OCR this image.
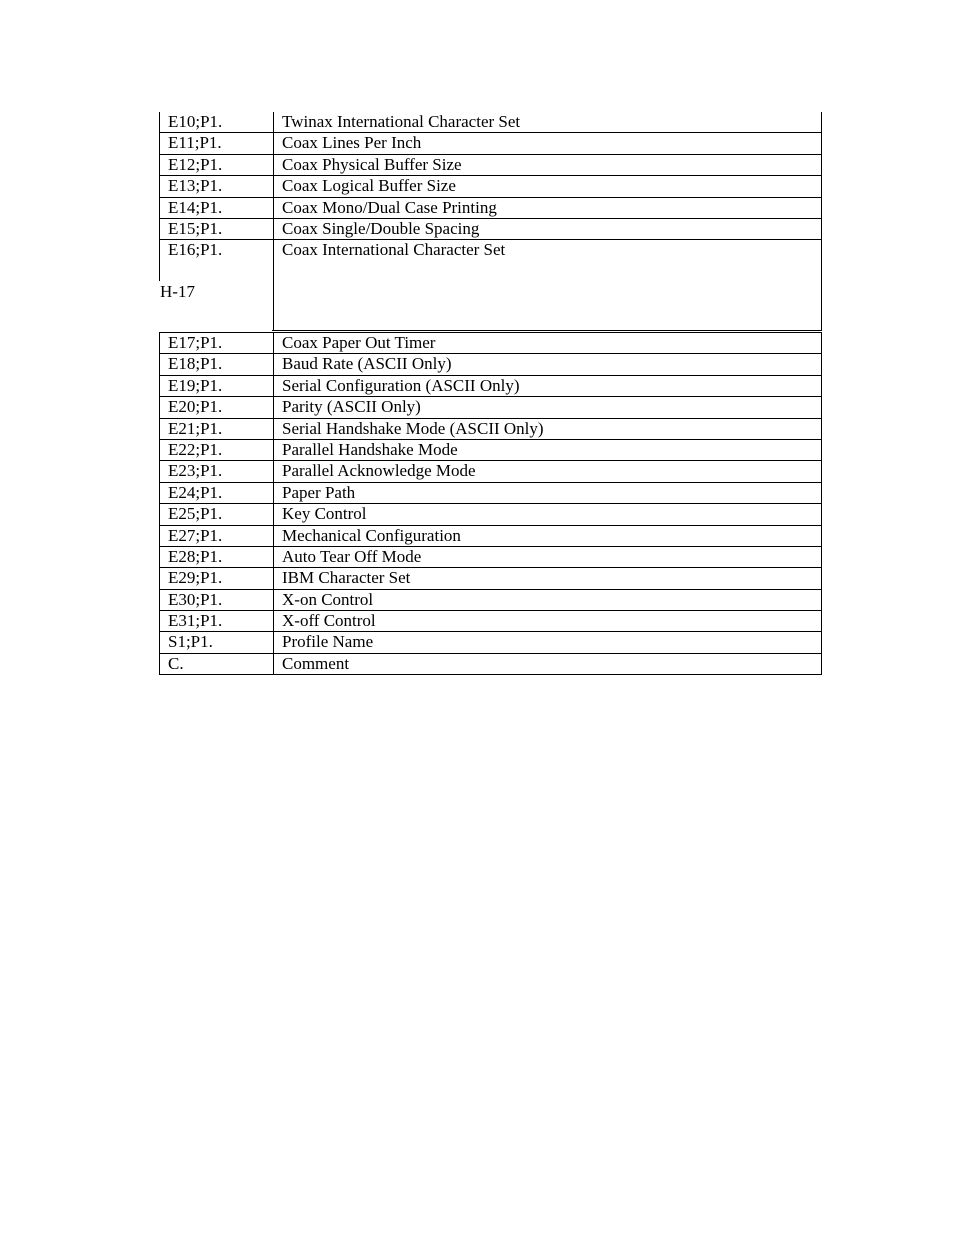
E10;P1.	Twinax International Character Set
E11;P1.	Coax Lines Per Inch
E12;P1.	Coax Physical Buffer Size
E13;P1.	Coax Logical Buffer Size
E14;P1.	Coax Mono/Dual Case Printing
E15;P1.	Coax Single/Double Spacing
E16;P1.	Coax International Character Set
H-17
E17;P1.	Coax Paper Out Timer
E18;P1.	Baud Rate (ASCII Only)
E19;P1.	Serial Configuration (ASCII Only)
E20;P1.	Parity (ASCII Only)
E21;P1.	Serial Handshake Mode (ASCII Only)
E22;P1.	Parallel Handshake Mode
E23;P1.	Parallel Acknowledge Mode
E24;P1.	Paper Path
E25;P1.	Key Control
E27;P1.	Mechanical Configuration
E28;P1.	Auto Tear Off Mode
E29;P1.	IBM Character Set
E30;P1.	X-on Control
E31;P1.	X-off Control
S1;P1.	Profile Name
C.	Comment
